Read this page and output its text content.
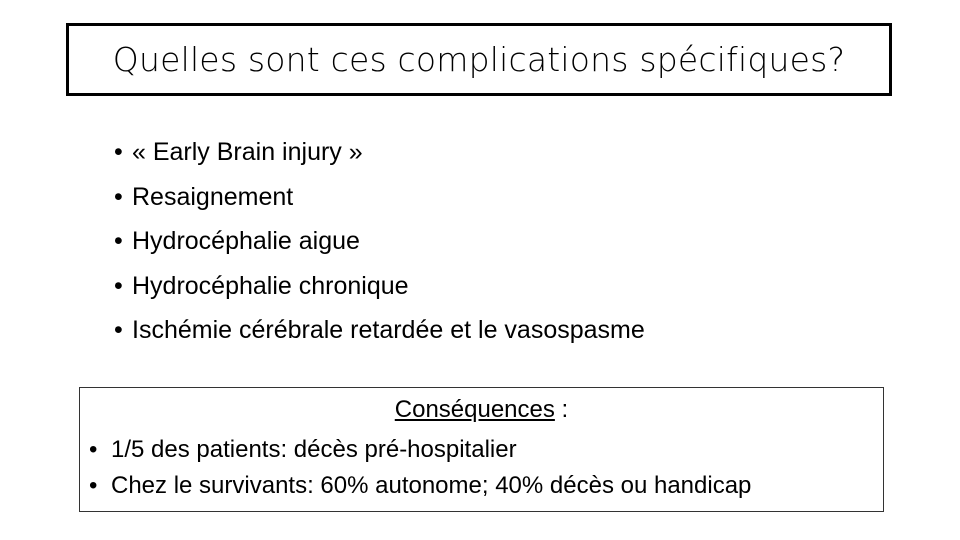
Quelles sont ces complications spécifiques?
• « Early Brain injury »
• Resaignement
• Hydrocéphalie aigue
• Hydrocéphalie chronique
• Ischémie cérébrale retardée et le vasospasme
Conséquences :
• 1/5 des patients: décès pré-hospitalier
• Chez le survivants: 60% autonome; 40% décès ou handicap
